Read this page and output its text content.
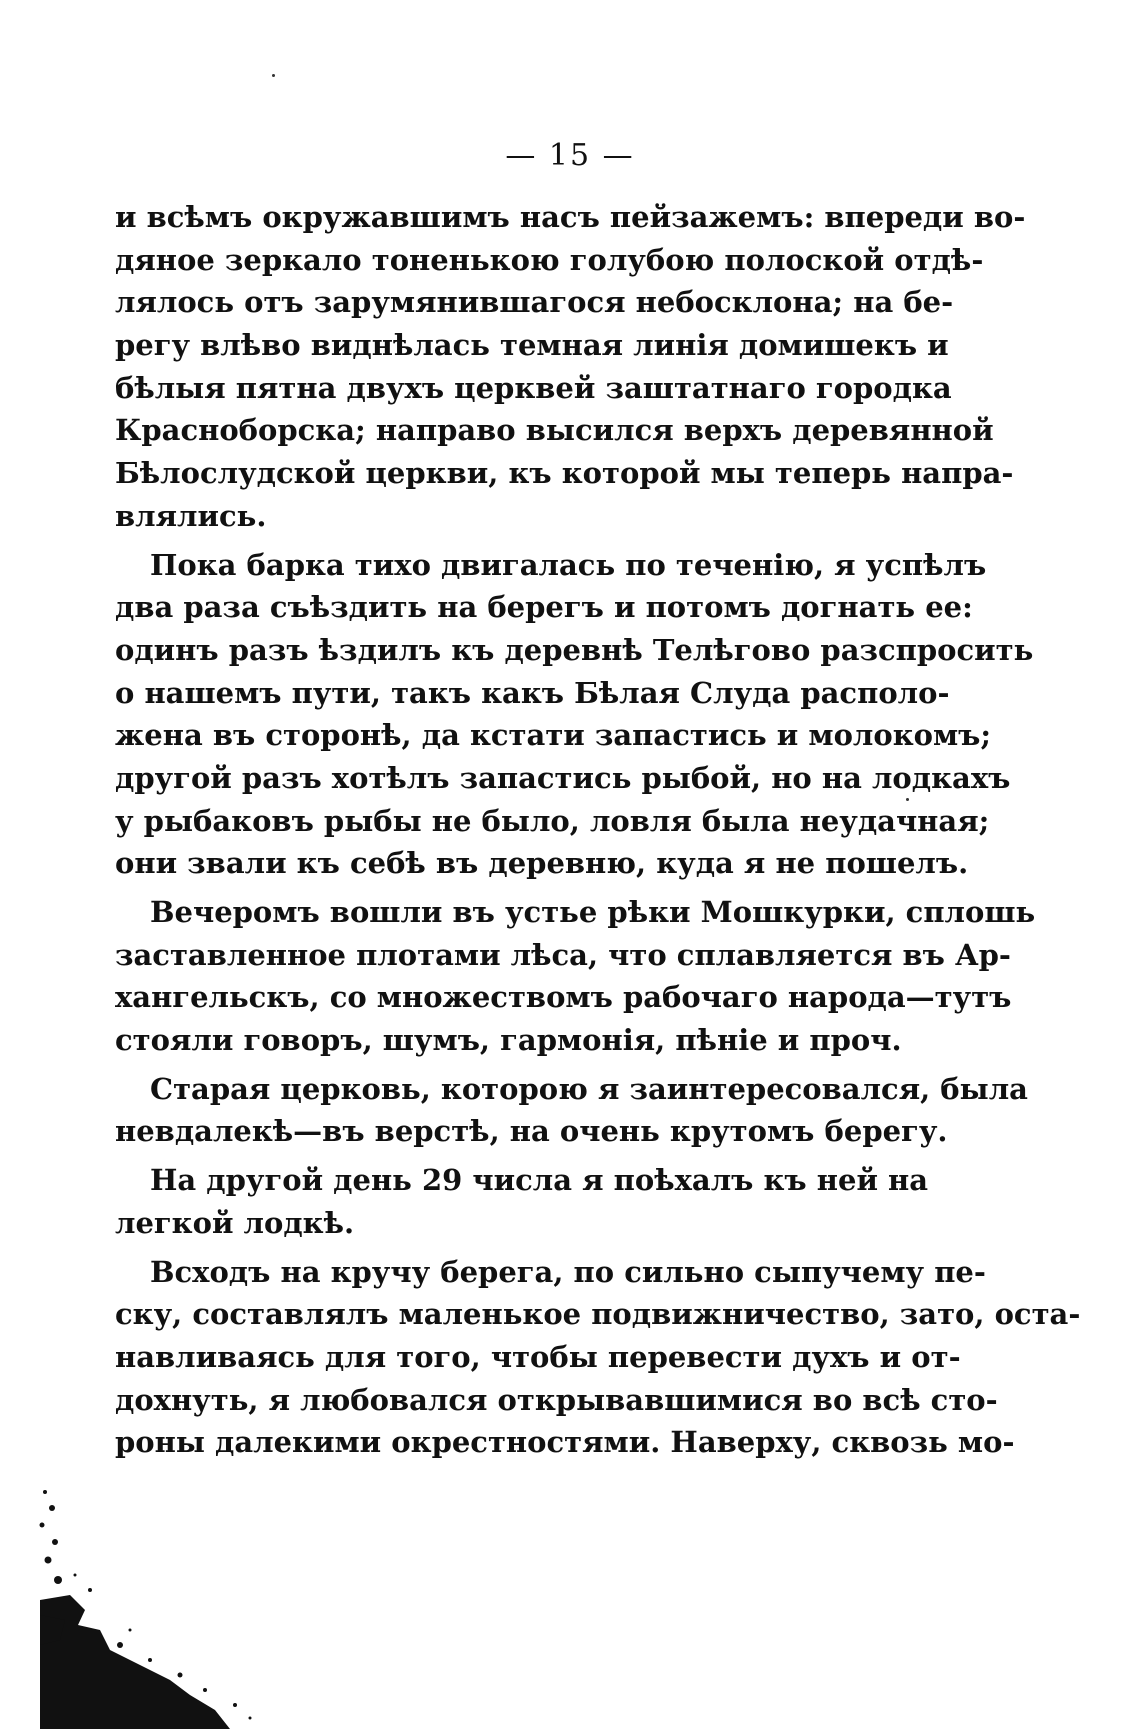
— 15 —
и всѣмъ окружавшимъ насъ пейзажемъ: впереди во-
дяное зеркало тоненькою голубою полоской отдѣ-
лялось отъ зарумянившагося небосклона; на бе-
регу влѣво виднѣлась темная линія домишекъ и
бѣлыя пятна двухъ церквей заштатнаго городка
Красноборска; направо высился верхъ деревянной
Бѣлослудской церкви, къ которой мы теперь напра-
влялись.
Пока барка тихо двигалась по теченію, я успѣлъ
два раза съѣздить на берегъ и потомъ догнать ее:
одинъ разъ ѣздилъ къ деревнѣ Телѣгово разспросить
о нашемъ пути, такъ какъ Бѣлая Слуда располо-
жена въ сторонѣ, да кстати запастись и молокомъ;
другой разъ хотѣлъ запастись рыбой, но на лодкахъ
у рыбаковъ рыбы не было, ловля была неудачная;
они звали къ себѣ въ деревню, куда я не пошелъ.
Вечеромъ вошли въ устье рѣки Мошкурки, сплошь
заставленное плотами лѣса, что сплавляется въ Ар-
хангельскъ, со множествомъ рабочаго народа—тутъ
стояли говоръ, шумъ, гармонія, пѣніе и проч.
Старая церковь, которою я заинтересовался, была
невдалекѣ—въ верстѣ, на очень крутомъ берегу.
На другой день 29 числа я поѣхалъ къ ней на
легкой лодкѣ.
Всходъ на кручу берега, по сильно сыпучему пе-
ску, составлялъ маленькое подвижничество, зато, оста-
навливаясь для того, чтобы перевести духъ и от-
дохнуть, я любовался открывавшимися во всѣ сто-
роны далекими окрестностями. Наверху, сквозь мо-
